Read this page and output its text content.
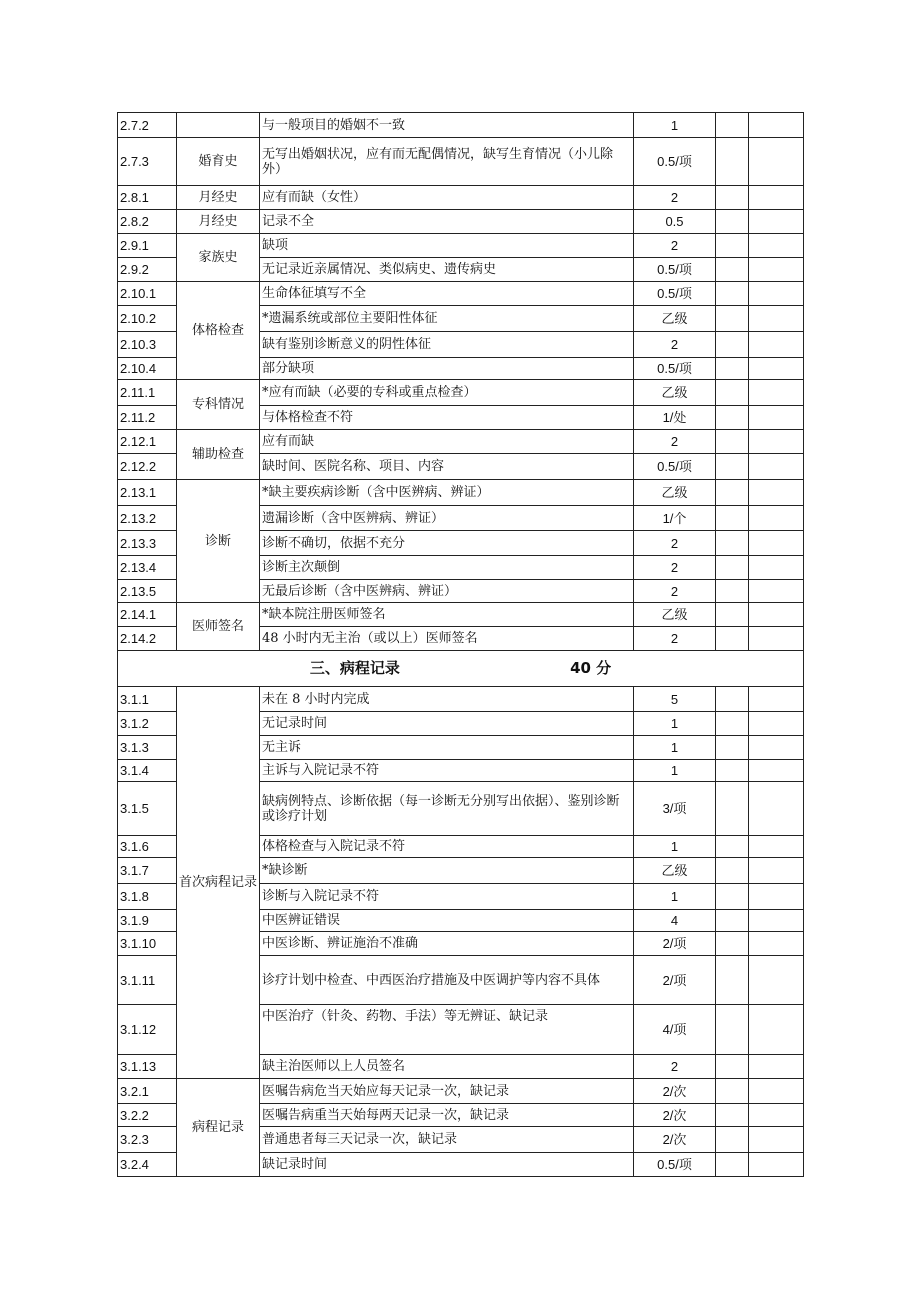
2.7.2		与一般项目的婚姻不一致	1		
2.7.3	婚育史	无写出婚姻状况，应有而无配偶情况，缺写生育情况（小儿除外）	0.5/项		
2.8.1	月经史	应有而缺（女性）	2		
2.8.2	月经史	记录不全	0.5		
2.9.1	家族史	缺项	2		
2.9.2		无记录近亲属情况、类似病史、遗传病史	0.5/项		
2.10.1	体格检查	生命体征填写不全	0.5/项		
2.10.2		*遗漏系统或部位主要阳性体征	乙级		
2.10.3		缺有鉴别诊断意义的阴性体征	2		
2.10.4		部分缺项	0.5/项		
2.11.1	专科情况	*应有而缺（必要的专科或重点检查）	乙级		
2.11.2		与体格检查不符	1/处		
2.12.1	辅助检查	应有而缺	2		
2.12.2		缺时间、医院名称、项目、内容	0.5/项		
2.13.1	诊断	*缺主要疾病诊断（含中医辨病、辨证）	乙级		
2.13.2		遗漏诊断（含中医辨病、辨证）	1/个		
2.13.3		诊断不确切，依据不充分	2		
2.13.4		诊断主次颠倒	2		
2.13.5		无最后诊断（含中医辨病、辨证）	2		
2.14.1	医师签名	*缺本院注册医师签名	乙级		
2.14.2		48 小时内无主治（或以上）医师签名	2		
三、病程记录 40 分					
3.1.1	首次病程记录	未在 8 小时内完成	5		
3.1.2		无记录时间	1		
3.1.3		无主诉	1		
3.1.4		主诉与入院记录不符	1		
3.1.5		缺病例特点、诊断依据（每一诊断无分别写出依据）、鉴别诊断或诊疗计划	3/项		
3.1.6		体格检查与入院记录不符	1		
3.1.7		*缺诊断	乙级		
3.1.8		诊断与入院记录不符	1		
3.1.9		中医辨证错误	4		
3.1.10		中医诊断、辨证施治不准确	2/项		
3.1.11		诊疗计划中检查、中西医治疗措施及中医调护等内容不具体	2/项		
3.1.12		中医治疗（针灸、药物、手法）等无辨证、缺记录	4/项		
3.1.13		缺主治医师以上人员签名	2		
3.2.1	病程记录	医嘱告病危当天始应每天记录一次，缺记录	2/次		
3.2.2		医嘱告病重当天始每两天记录一次，缺记录	2/次		
3.2.3		普通患者每三天记录一次，缺记录	2/次		
3.2.4		缺记录时间	0.5/项		
